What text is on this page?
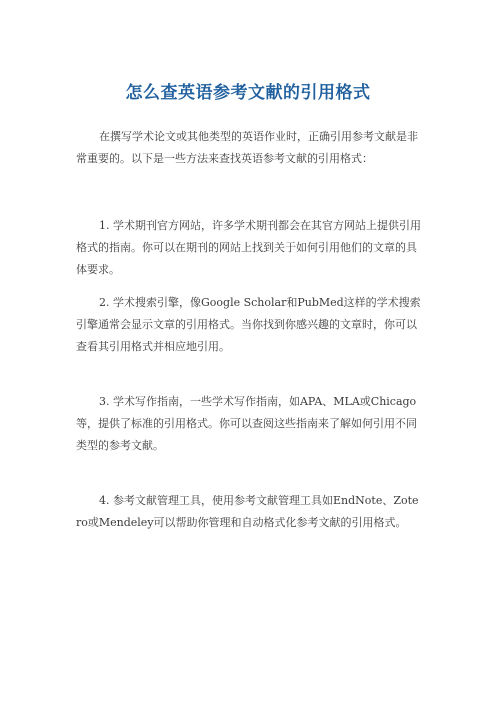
怎么查英语参考文献的引用格式

在撰写学术论文或其他类型的英语作业时，正确引用参考文献是非常重要的。以下是一些方法来查找英语参考文献的引用格式：

1. 学术期刊官方网站，许多学术期刊都会在其官方网站上提供引用格式的指南。你可以在期刊的网站上找到关于如何引用他们的文章的具体要求。

2. 学术搜索引擎，像Google Scholar和PubMed这样的学术搜索引擎通常会显示文章的引用格式。当你找到你感兴趣的文章时，你可以查看其引用格式并相应地引用。

3. 学术写作指南，一些学术写作指南，如APA、MLA或Chicago等，提供了标准的引用格式。你可以查阅这些指南来了解如何引用不同类型的参考文献。

4. 参考文献管理工具，使用参考文献管理工具如EndNote、Zotero或Mendeley可以帮助你管理和自动格式化参考文献的引用格式。
